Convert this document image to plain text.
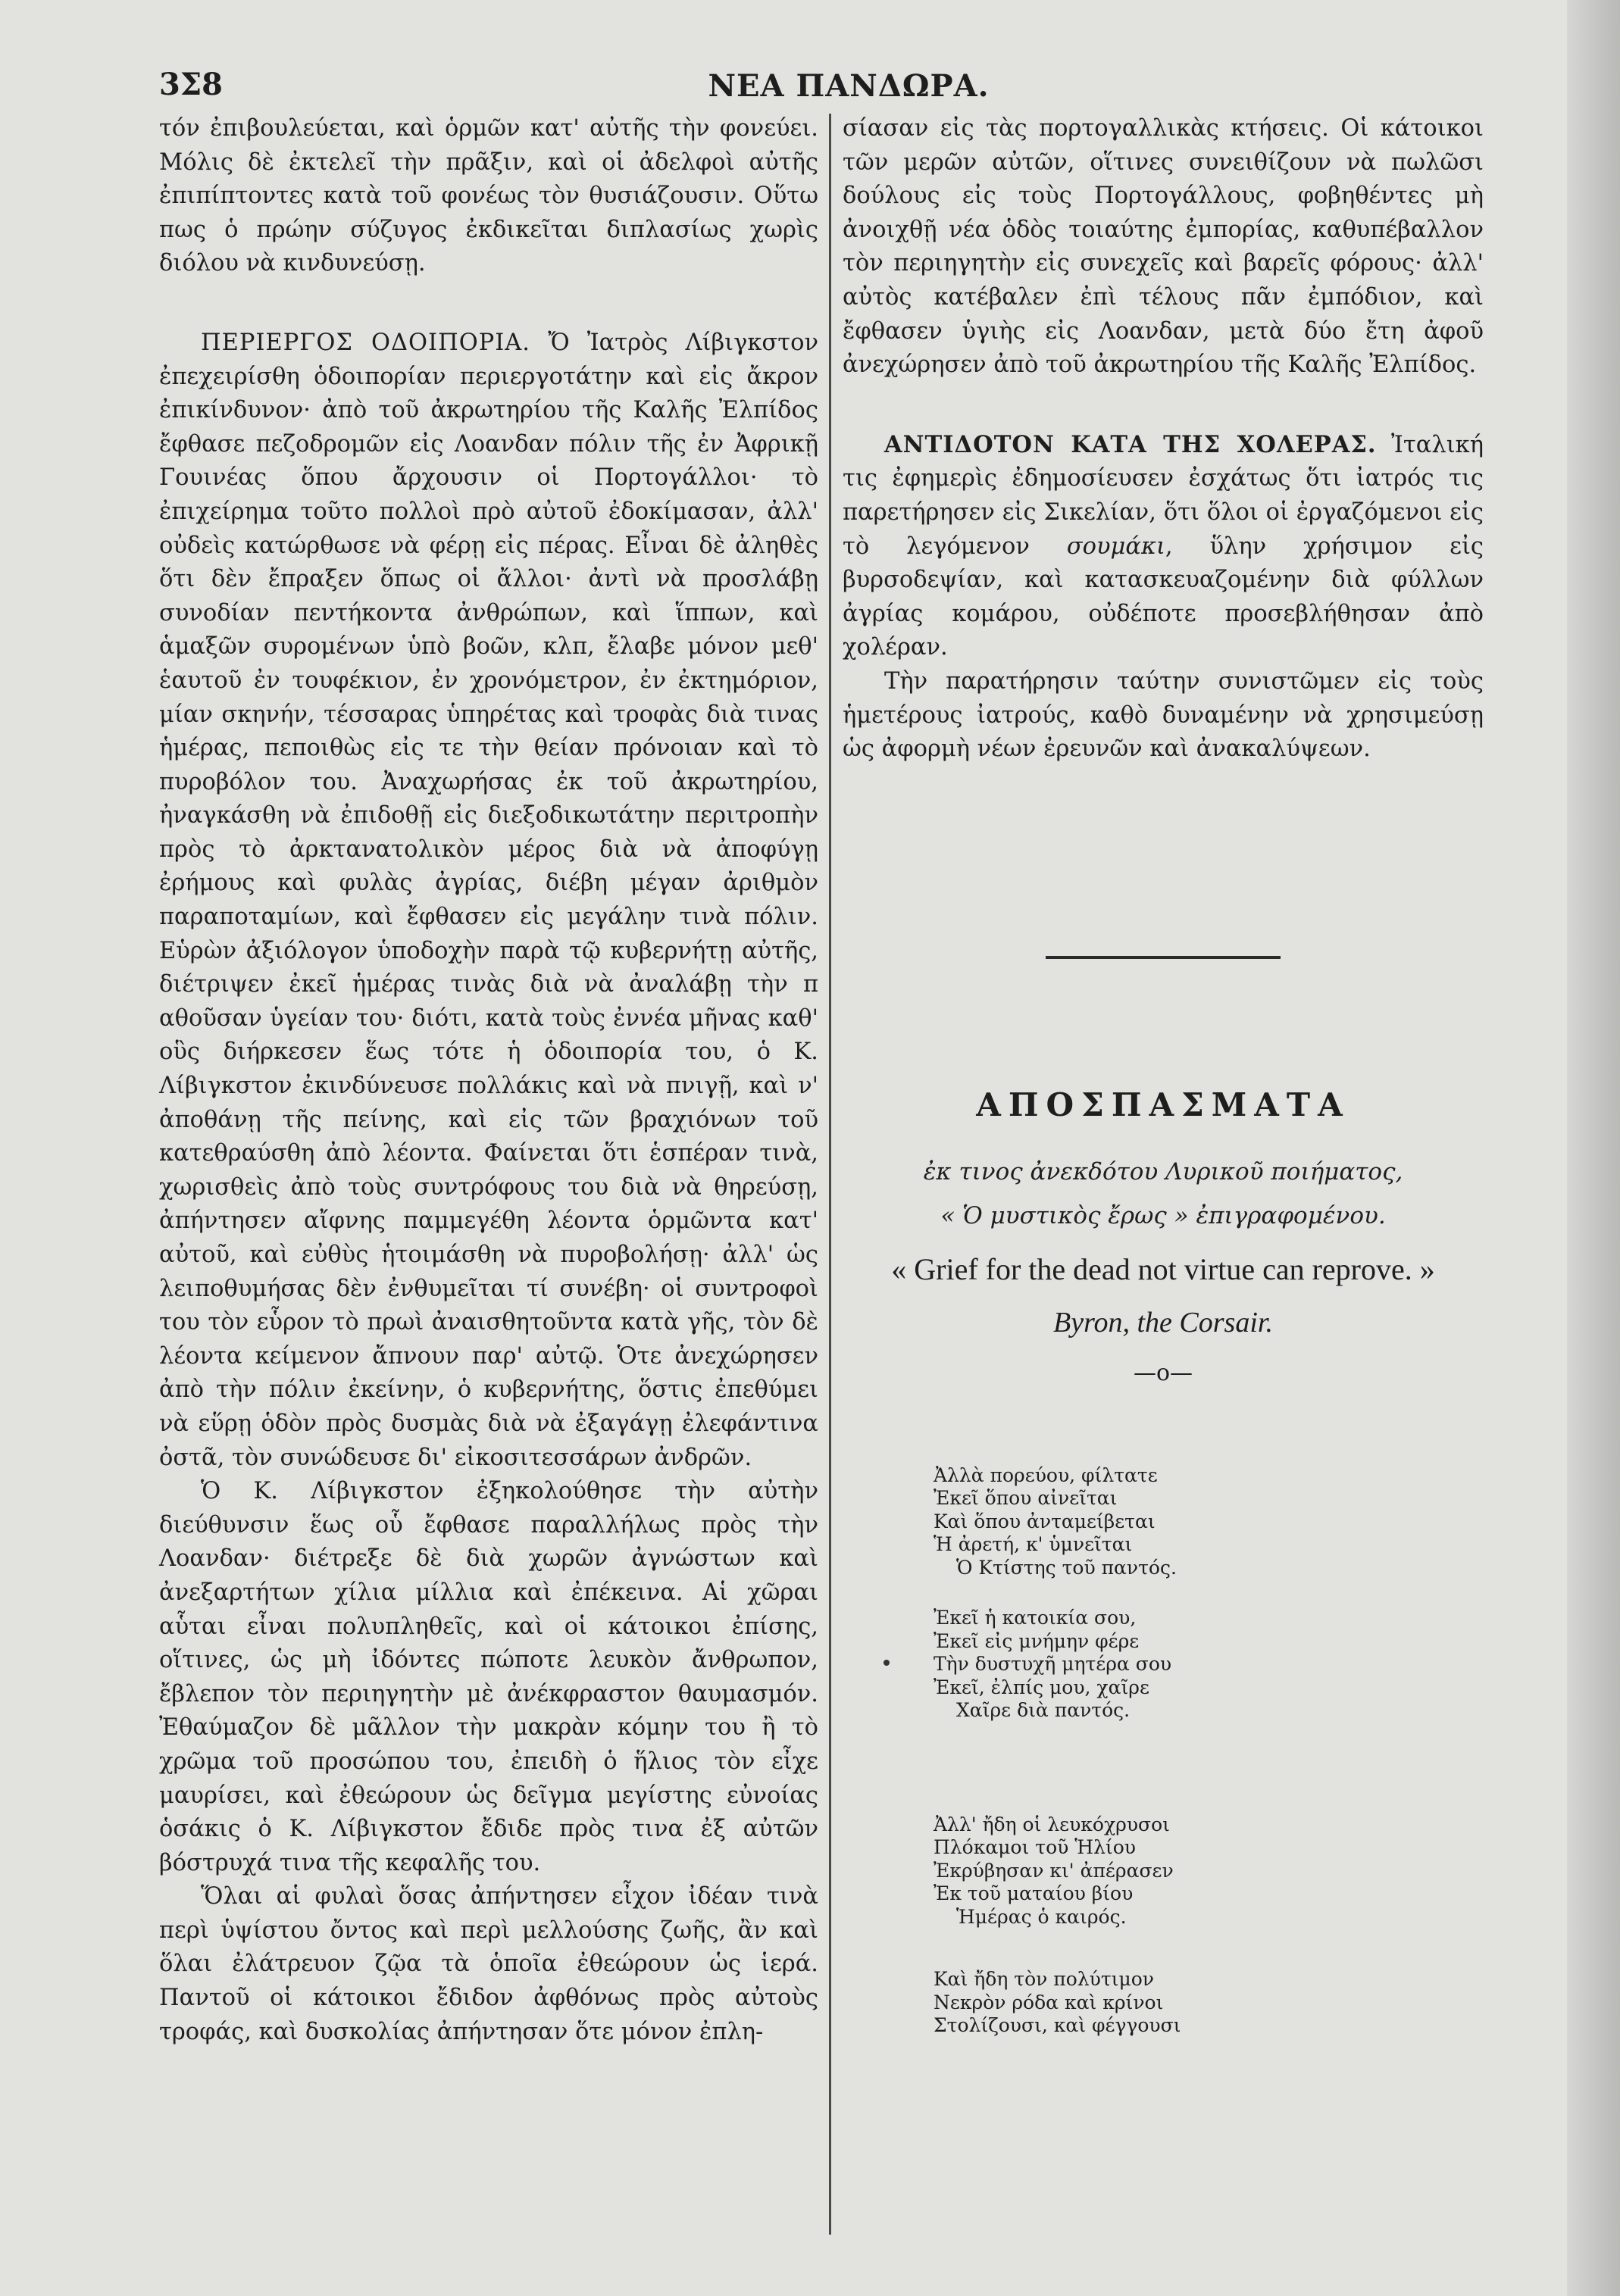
3Σ8	ΝΕΑ ΠΑΝΔΩΡΑ.

τόν ἐπιβουλεύεται, καὶ ὁρμῶν κατ' αὐτῆς τὴν φονεύει. Μόλις δὲ ἐκτελεῖ τὴν πρᾶξιν, καὶ οἱ ἀδελφοὶ αὐτῆς ἐπιπίπτοντες κατὰ τοῦ φονέως τὸν θυσιάζουσιν. Οὕτω πως ὁ πρώην σύζυγος ἐκδικεῖται διπλασίως χωρὶς διόλου νὰ κινδυνεύσῃ.

ΠΕΡΙΕΡΓΟΣ ΟΔΟΙΠΟΡΙΑ. Ὄ Ἰατρὸς Λίβιγκστον ἐπεχειρίσθη ὁδοιπορίαν περιεργοτάτην καὶ εἰς ἄκρον ἐπικίνδυνον· ἀπὸ τοῦ ἀκρωτηρίου τῆς Καλῆς Ἐλπίδος ἔφθασε πεζοδρομῶν εἰς Λοανδαν πόλιν τῆς ἐν Ἀφρικῇ Γουινέας ὅπου ἄρχουσιν οἱ Πορτογάλλοι· τὸ ἐπιχείρημα τοῦτο πολλοὶ πρὸ αὐτοῦ ἐδοκίμασαν, ἀλλ' οὐδεὶς κατώρθωσε νὰ φέρῃ εἰς πέρας. Εἶναι δὲ ἀληθὲς ὅτι δὲν ἔπραξεν ὅπως οἱ ἄλλοι· ἀντὶ νὰ προσλάβῃ συνοδίαν πεντήκοντα ἀνθρώπων, καὶ ἵππων, καὶ ἁμαξῶν συρομένων ὑπὸ βοῶν, κλπ, ἔλαβε μόνον μεθ' ἑαυτοῦ ἐν τουφέκιον, ἐν χρονόμετρον, ἐν ἐκτημόριον, μίαν σκηνήν, τέσσαρας ὑπηρέτας καὶ τροφὰς διὰ τινας ἡμέρας, πεποιθὼς εἰς τε τὴν θείαν πρόνοιαν καὶ τὸ πυροβόλον του. Ἀναχωρήσας ἐκ τοῦ ἀκρωτηρίου, ἠναγκάσθη νὰ ἐπιδοθῇ εἰς διεξοδικωτάτην περιτροπὴν πρὸς τὸ ἀρκτανατολικὸν μέρος διὰ νὰ ἀποφύγῃ ἐρήμους καὶ φυλὰς ἀγρίας, διέβη μέγαν ἀριθμὸν παραποταμίων, καὶ ἔφθασεν εἰς μεγάλην τινὰ πόλιν. Εὑρὼν ἀξιόλογον ὑποδοχὴν παρὰ τῷ κυβερνήτῃ αὐτῆς, διέτριψεν ἐκεῖ ἡμέρας τινὰς διὰ νὰ ἀναλάβῃ τὴν π αθοῦσαν ὑγείαν του· διότι, κατὰ τοὺς ἐννέα μῆνας καθ' οὓς διήρκεσεν ἕως τότε ἡ ὁδοιπορία του, ὁ Κ. Λίβιγκστον ἐκινδύνευσε πολλάκις καὶ νὰ πνιγῇ, καὶ ν' ἀποθάνῃ τῆς πείνης, καὶ εἰς τῶν βραχιόνων τοῦ κατεθραύσθη ἀπὸ λέοντα. Φαίνεται ὅτι ἑσπέραν τινὰ, χωρισθεὶς ἀπὸ τοὺς συντρόφους του διὰ νὰ θηρεύσῃ, ἀπήντησεν αἴφνης παμμεγέθη λέοντα ὁρμῶντα κατ' αὐτοῦ, καὶ εὐθὺς ἡτοιμάσθη νὰ πυροβολήσῃ· ἀλλ' ὡς λειποθυμήσας δὲν ἐνθυμεῖται τί συνέβη· οἱ συντροφοὶ του τὸν εὗρον τὸ πρωὶ ἀναισθητοῦντα κατὰ γῆς, τὸν δὲ λέοντα κείμενον ἄπνουν παρ' αὐτῷ. Ὁτε ἀνεχώρησεν ἀπὸ τὴν πόλιν ἐκείνην, ὁ κυβερνήτης, ὅστις ἐπεθύμει νὰ εὕρῃ ὁδὸν πρὸς δυσμὰς διὰ νὰ ἐξαγάγῃ ἐλεφάντινα ὀστᾶ, τὸν συνώδευσε δι' εἰκοσιτεσσάρων ἀνδρῶν.

Ὁ Κ. Λίβιγκστον ἐξηκολούθησε τὴν αὐτὴν διεύθυνσιν ἕως οὗ ἔφθασε παραλλήλως πρὸς τὴν Λοανδαν· διέτρεξε δὲ διὰ χωρῶν ἀγνώστων καὶ ἀνεξαρτήτων χίλια μίλλια καὶ ἐπέκεινα. Αἱ χῶραι αὗται εἶναι πολυπληθεῖς, καὶ οἱ κάτοικοι ἐπίσης, οἵτινες, ὡς μὴ ἰδόντες πώποτε λευκὸν ἄνθρωπον, ἔβλεπον τὸν περιηγητὴν μὲ ἀνέκφραστον θαυμασμόν. Ἐθαύμαζον δὲ μᾶλλον τὴν μακρὰν κόμην του ἢ τὸ χρῶμα τοῦ προσώπου του, ἐπειδὴ ὁ ἥλιος τὸν εἶχε μαυρίσει, καὶ ἐθεώρουν ὡς δεῖγμα μεγίστης εὐνοίας ὁσάκις ὁ Κ. Λίβιγκστον ἔδιδε πρὸς τινα ἐξ αὐτῶν βόστρυχά τινα τῆς κεφαλῆς του.

Ὅλαι αἱ φυλαὶ ὅσας ἀπήντησεν εἶχον ἰδέαν τινὰ περὶ ὑψίστου ὄντος καὶ περὶ μελλούσης ζωῆς, ἂν καὶ ὅλαι ἐλάτρευον ζῷα τὰ ὁποῖα ἐθεώρουν ὡς ἱερά. Παντοῦ οἱ κάτοικοι ἔδιδον ἀφθόνως πρὸς αὐτοὺς τροφάς, καὶ δυσκολίας ἀπήντησαν ὅτε μόνον ἐπλη-

σίασαν εἰς τὰς πορτογαλλικὰς κτήσεις. Οἱ κάτοικοι τῶν μερῶν αὐτῶν, οἵτινες συνειθίζουν νὰ πωλῶσι δούλους εἰς τοὺς Πορτογάλλους, φοβηθέντες μὴ ἀνοιχθῇ νέα ὁδὸς τοιαύτης ἐμπορίας, καθυπέβαλλον τὸν περιηγητὴν εἰς συνεχεῖς καὶ βαρεῖς φόρους· ἀλλ' αὐτὸς κατέβαλεν ἐπὶ τέλους πᾶν ἐμπόδιον, καὶ ἔφθασεν ὑγιὴς εἰς Λοανδαν, μετὰ δύο ἔτη ἀφοῦ ἀνεχώρησεν ἀπὸ τοῦ ἀκρωτηρίου τῆς Καλῆς Ἐλπίδος.

ΑΝΤΙΔΟΤΟΝ ΚΑΤΑ ΤΗΣ ΧΟΛΕΡΑΣ. Ἰταλική τις ἐφημερὶς ἐδημοσίευσεν ἐσχάτως ὅτι ἰατρός τις παρετήρησεν εἰς Σικελίαν, ὅτι ὅλοι οἱ ἐργαζόμενοι εἰς τὸ λεγόμενον σουμάκι, ὕλην χρήσιμον εἰς βυρσοδεψίαν, καὶ κατασκευαζομένην διὰ φύλλων ἀγρίας κομάρου, οὐδέποτε προσεβλήθησαν ἀπὸ χολέραν.

Τὴν παρατήρησιν ταύτην συνιστῶμεν εἰς τοὺς ἡμετέρους ἰατρούς, καθὸ δυναμένην νὰ χρησιμεύσῃ ὡς ἀφορμὴ νέων ἐρευνῶν καὶ ἀνακαλύψεων.

ΑΠΟΣΠΑΣΜΑΤΑ
ἐκ τινος ἀνεκδότου Λυρικοῦ ποιήματος,
« Ὁ μυστικὸς ἔρως » ἐπιγραφομένου.
« Grief for the dead not virtue can reprove. »
Byron, the Corsair.
—o—
Ἀλλὰ πορεύου, φίλτατε
Ἐκεῖ ὅπου αἰνεῖται
Καὶ ὅπου ἀνταμείβεται
Ἡ ἀρετή, κ' ὑμνεῖται
Ὁ Κτίστης τοῦ παντός.
Ἐκεῖ ἡ κατοικία σου,
Ἐκεῖ εἰς μνήμην φέρε
Τὴν δυστυχῆ μητέρα σου
Ἐκεῖ, ἐλπίς μου, χαῖρε
Χαῖρε διὰ παντός.
Ἀλλ' ἤδη οἱ λευκόχρυσοι
Πλόκαμοι τοῦ Ἡλίου
Ἐκρύβησαν κι' ἀπέρασεν
Ἐκ τοῦ ματαίου βίου
Ἡμέρας ὁ καιρός.
Καὶ ἤδη τὸν πολύτιμον
Νεκρὸν ρόδα καὶ κρίνοι
Στολίζουσι, καὶ φέγγουσι
